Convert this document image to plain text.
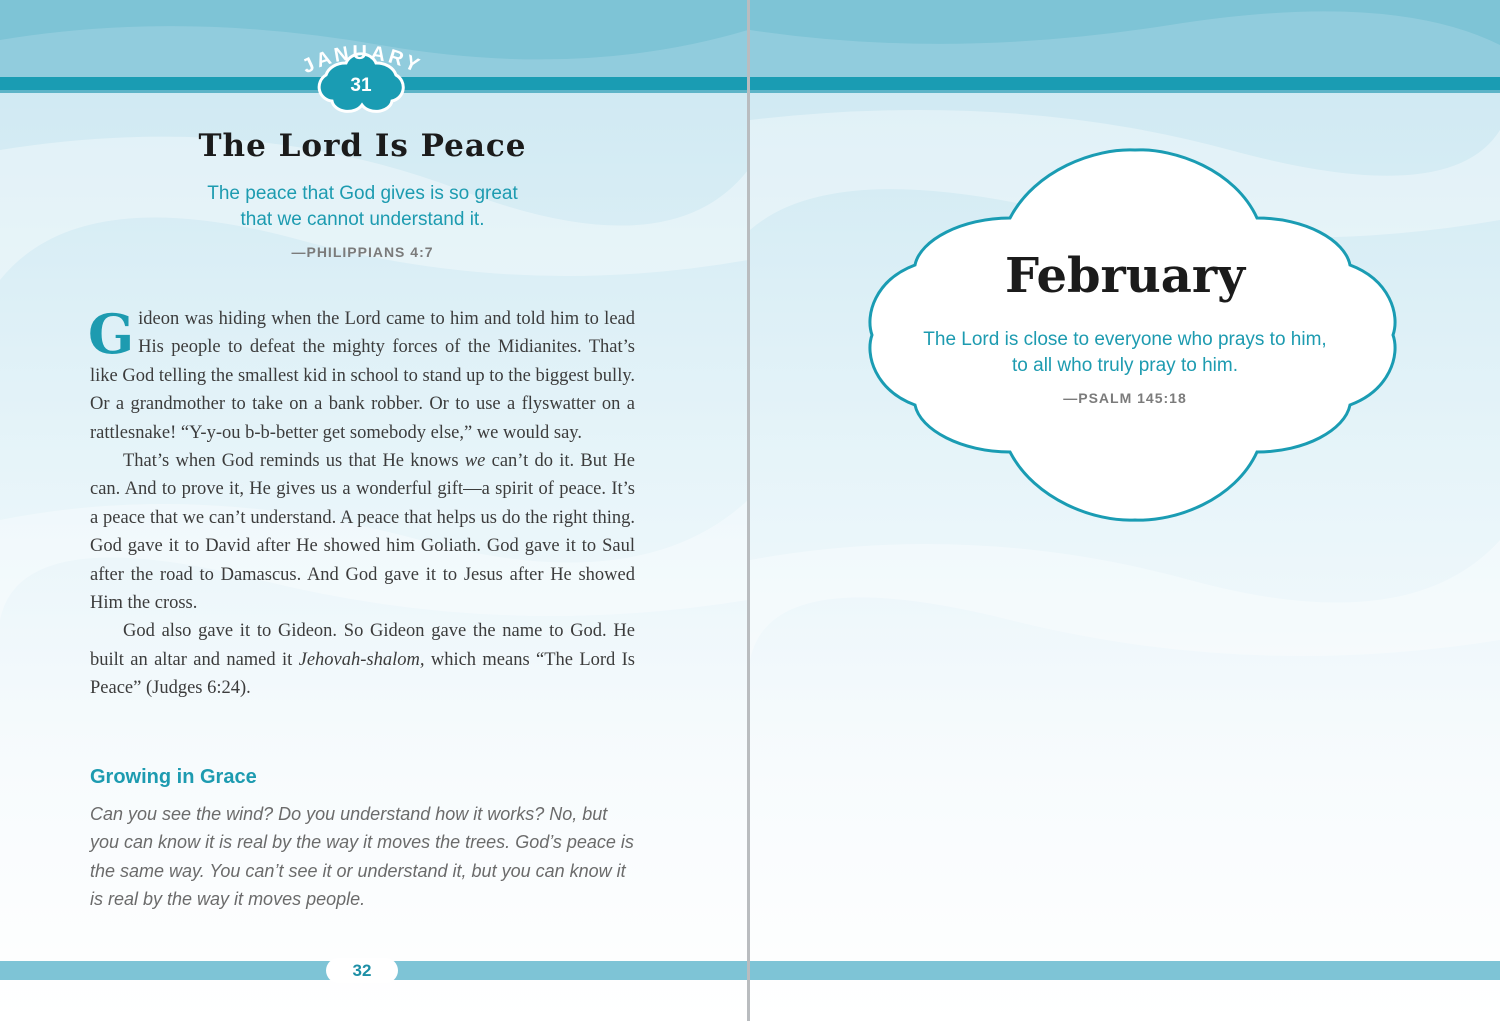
JANUARY
31
The Lord Is Peace
The peace that God gives is so great
that we cannot understand it.
—PHILIPPIANS 4:7

Gideon was hiding when the Lord came to him and told him to lead His people to defeat the mighty forces of the Midianites. That’s like God telling the smallest kid in school to stand up to the biggest bully. Or a grandmother to take on a bank robber. Or to use a flyswatter on a rattlesnake! “Y-y-ou b-b-better get somebody else,” we would say.

That’s when God reminds us that He knows we can’t do it. But He can. And to prove it, He gives us a wonderful gift—a spirit of peace. It’s a peace that we can’t understand. A peace that helps us do the right thing. God gave it to David after He showed him Goliath. God gave it to Saul after the road to Damascus. And God gave it to Jesus after He showed Him the cross.

God also gave it to Gideon. So Gideon gave the name to God. He built an altar and named it Jehovah-shalom, which means “The Lord Is Peace” (Judges 6:24).

Growing in Grace
Can you see the wind? Do you understand how it works? No, but you can know it is real by the way it moves the trees. God’s peace is the same way. You can’t see it or understand it, but you can know it is real by the way it moves people.
32
February
The Lord is close to everyone who prays to him,
to all who truly pray to him.
—PSALM 145:18
